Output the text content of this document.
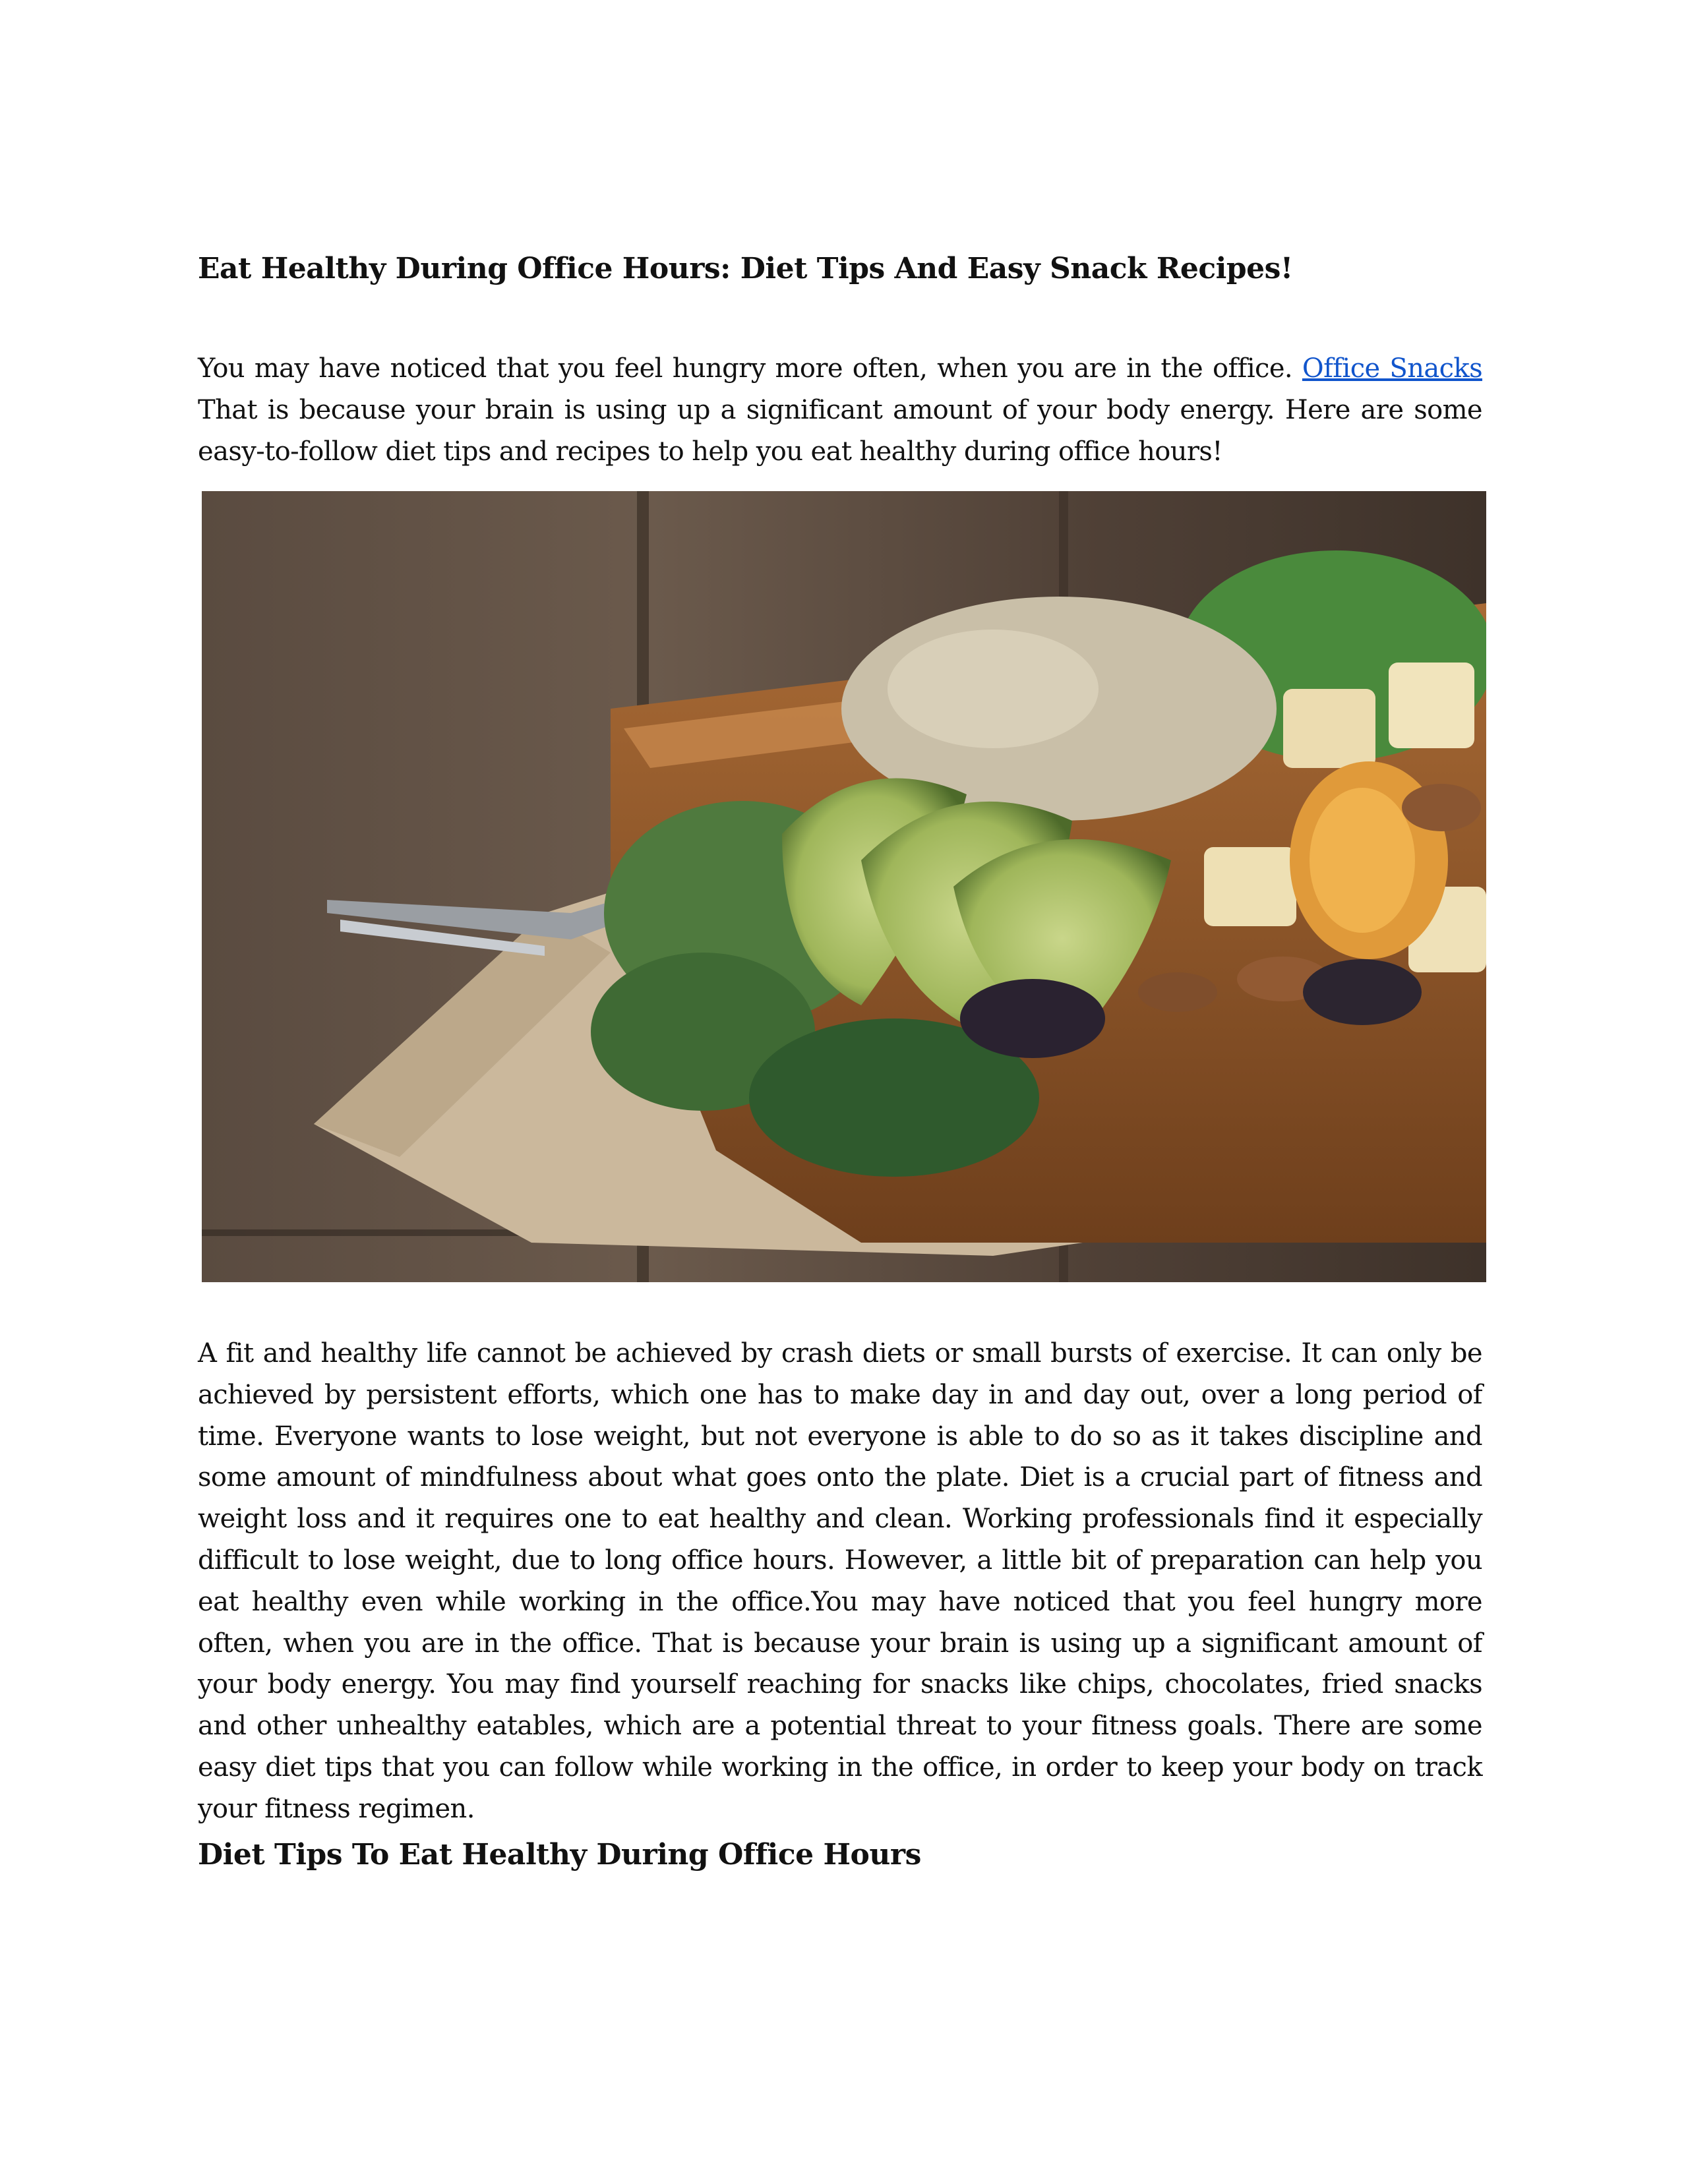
Eat Healthy During Office Hours: Diet Tips And Easy Snack Recipes!

You may have noticed that you feel hungry more often, when you are in the office. Office Snacks That is because your brain is using up a significant amount of your body energy. Here are some easy-to-follow diet tips and recipes to help you eat healthy during office hours!

A fit and healthy life cannot be achieved by crash diets or small bursts of exercise. It can only be achieved by persistent efforts, which one has to make day in and day out, over a long period of time. Everyone wants to lose weight, but not everyone is able to do so as it takes discipline and some amount of mindfulness about what goes onto the plate. Diet is a crucial part of fitness and weight loss and it requires one to eat healthy and clean. Working professionals find it especially difficult to lose weight, due to long office hours. However, a little bit of preparation can help you eat healthy even while working in the office.You may have noticed that you feel hungry more often, when you are in the office. That is because your brain is using up a significant amount of your body energy. You may find yourself reaching for snacks like chips, chocolates, fried snacks and other unhealthy eatables, which are a potential threat to your fitness goals. There are some easy diet tips that you can follow while working in the office, in order to keep your body on track your fitness regimen.

Diet Tips To Eat Healthy During Office Hours
